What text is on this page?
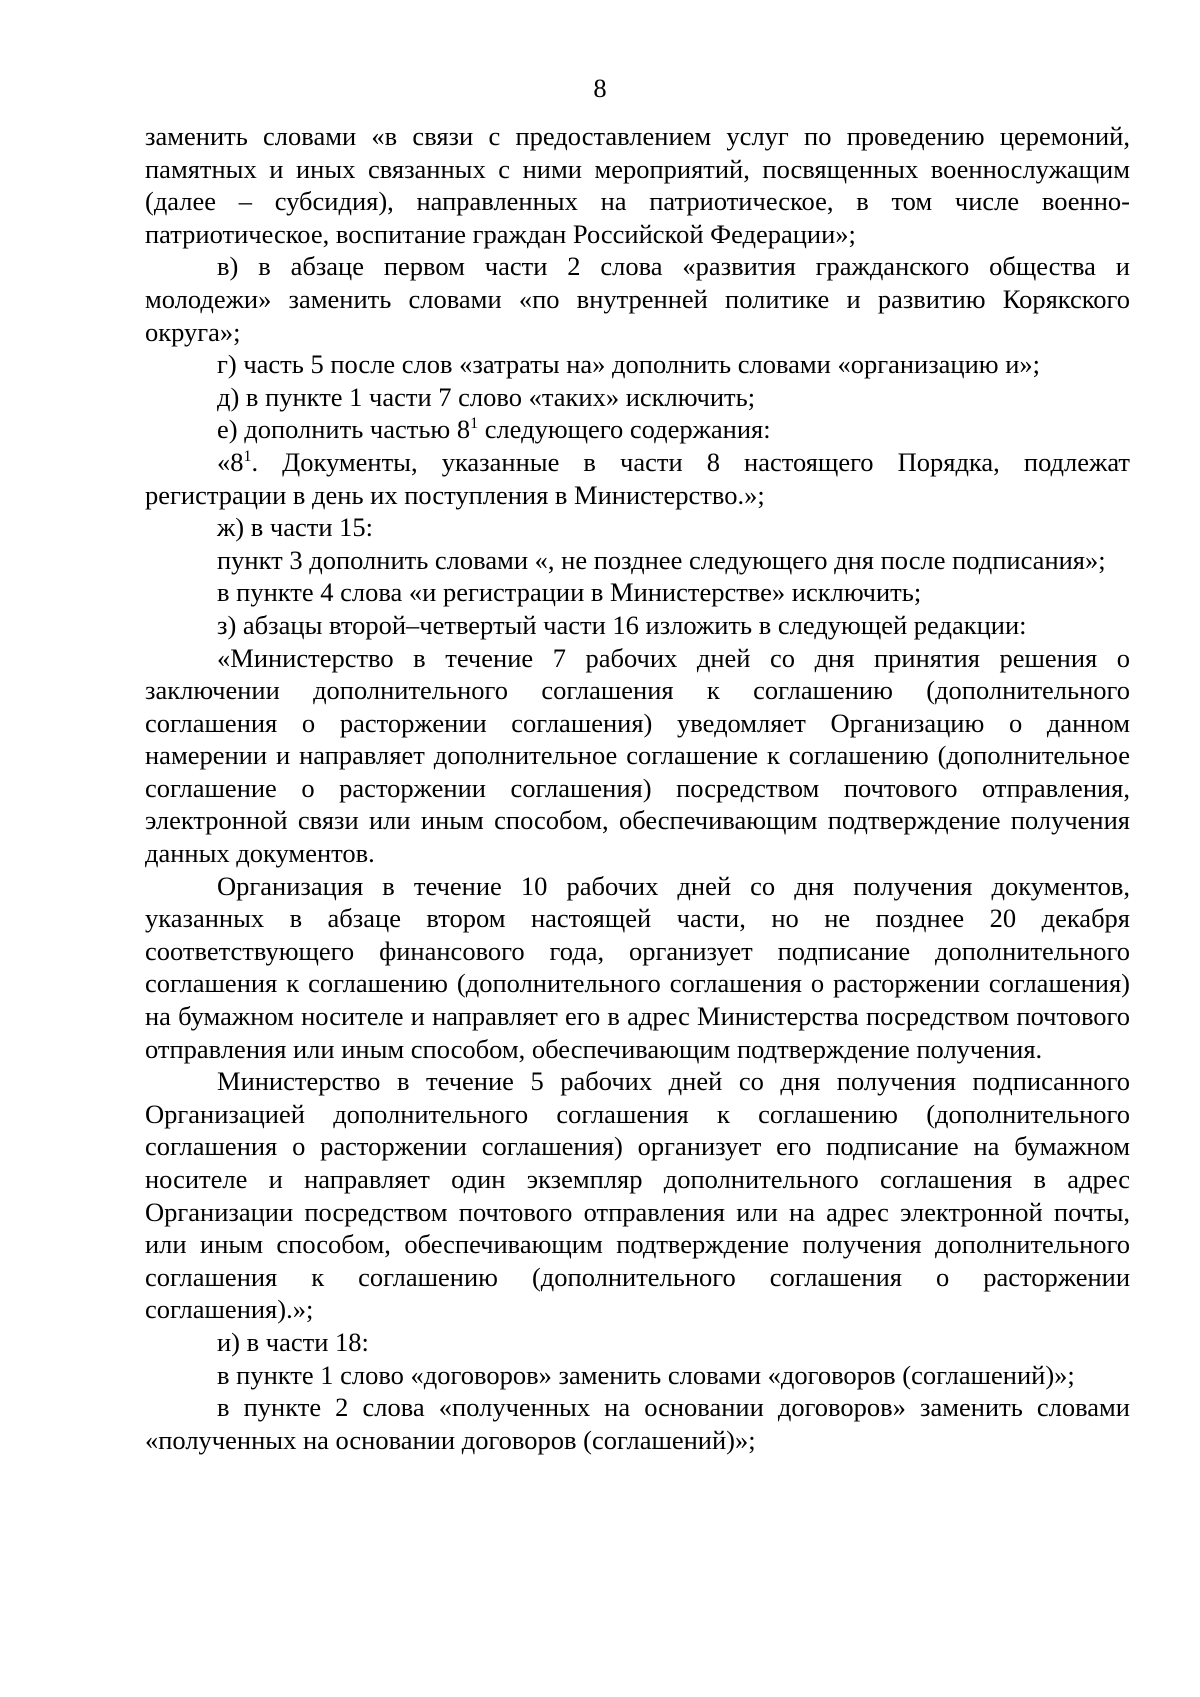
8

заменить словами «в связи с предоставлением услуг по проведению церемоний, памятных и иных связанных с ними мероприятий, посвященных военнослужащим (далее – субсидия), направленных на патриотическое, в том числе военно-патриотическое, воспитание граждан Российской Федерации»;

в) в абзаце первом части 2 слова «развития гражданского общества и молодежи» заменить словами «по внутренней политике и развитию Корякского округа»;

г) часть 5 после слов «затраты на» дополнить словами «организацию и»;

д) в пункте 1 части 7 слово «таких» исключить;

е) дополнить частью $8^1$ следующего содержания:

«$8^1$. Документы, указанные в части 8 настоящего Порядка, подлежат регистрации в день их поступления в Министерство.»;

ж) в части 15:

пункт 3 дополнить словами «, не позднее следующего дня после подписания»;

в пункте 4 слова «и регистрации в Министерстве» исключить;

з) абзацы второй–четвертый части 16 изложить в следующей редакции:

«Министерство в течение 7 рабочих дней со дня принятия решения о заключении дополнительного соглашения к соглашению (дополнительного соглашения о расторжении соглашения) уведомляет Организацию о данном намерении и направляет дополнительное соглашение к соглашению (дополнительное соглашение о расторжении соглашения) посредством почтового отправления, электронной связи или иным способом, обеспечивающим подтверждение получения данных документов.

Организация в течение 10 рабочих дней со дня получения документов, указанных в абзаце втором настоящей части, но не позднее 20 декабря соответствующего финансового года, организует подписание дополнительного соглашения к соглашению (дополнительного соглашения о расторжении соглашения) на бумажном носителе и направляет его в адрес Министерства посредством почтового отправления или иным способом, обеспечивающим подтверждение получения.

Министерство в течение 5 рабочих дней со дня получения подписанного Организацией дополнительного соглашения к соглашению (дополнительного соглашения о расторжении соглашения) организует его подписание на бумажном носителе и направляет один экземпляр дополнительного соглашения в адрес Организации посредством почтового отправления или на адрес электронной почты, или иным способом, обеспечивающим подтверждение получения дополнительного соглашения к соглашению (дополнительного соглашения о расторжении соглашения).»;

и) в части 18:

в пункте 1 слово «договоров» заменить словами «договоров (соглашений)»;

в пункте 2 слова «полученных на основании договоров» заменить словами «полученных на основании договоров (соглашений)»;
